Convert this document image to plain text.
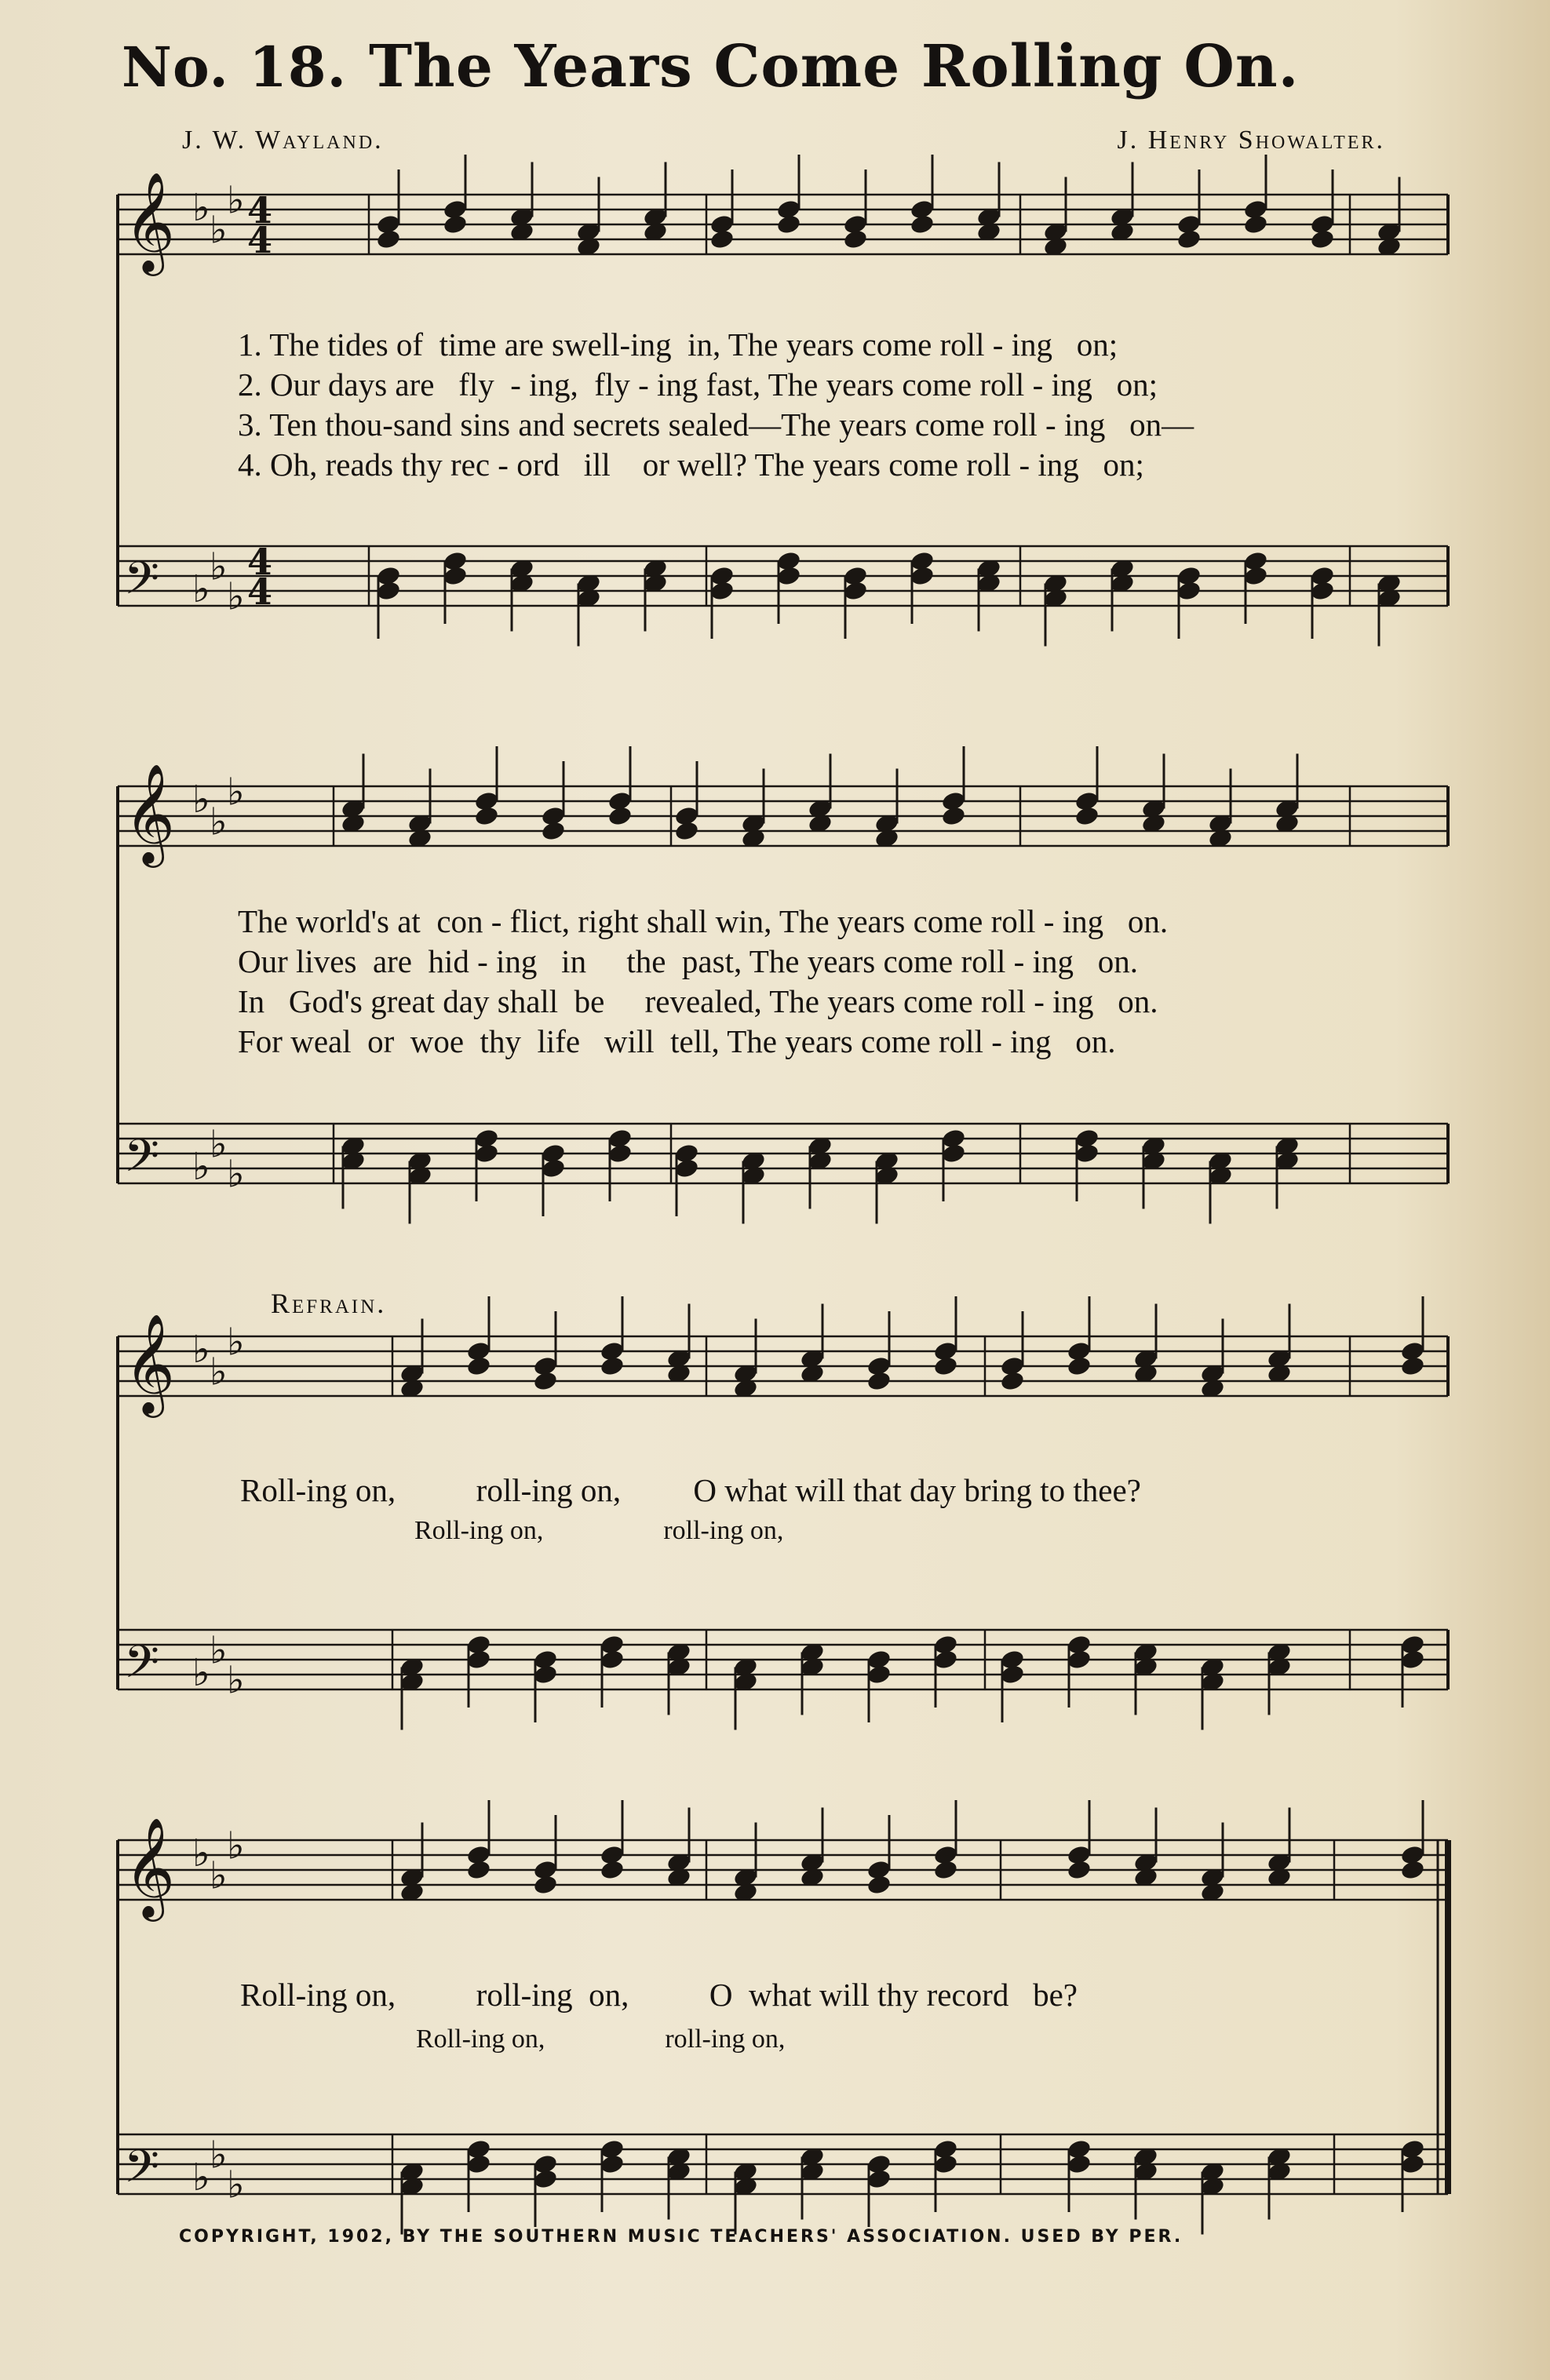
No. 18. The Years Come Rolling On.
J. W. Wayland.	J. Henry Showalter.
𝄞 ♭
♭
♭
𝄢 ♭
♭
♭
𝄞 ♭
♭
♭
𝄢 ♭
♭
♭
𝄞 ♭
♭
♭
𝄢 ♭
♭
♭
𝄞 ♭
♭
♭
𝄢 ♭
♭
♭
4
4
4
4
1. The tides of  time are swell-ing  in, The years come roll - ing   on;
2. Our days are   fly  - ing,  fly - ing fast, The years come roll - ing   on;
3. Ten thou-sand sins and secrets sealed—The years come roll - ing   on—
4. Oh, reads thy rec - ord   ill    or well? The years come roll - ing   on;
The world's at  con - flict, right shall win, The years come roll - ing   on.
Our lives  are  hid - ing   in     the  past, The years come roll - ing   on.
In   God's great day shall  be     revealed, The years come roll - ing   on.
For weal  or  woe  thy  life   will  tell, The years come roll - ing   on.
Refrain.
Roll-ing on,          roll-ing on,         O what will that day bring to thee?
Roll-ing on,                  roll-ing on,
Roll-ing on,          roll-ing  on,          O  what will thy record   be?
Roll-ing on,                  roll-ing on,
COPYRIGHT, 1902, BY THE SOUTHERN MUSIC TEACHERS' ASSOCIATION. USED BY PER.
